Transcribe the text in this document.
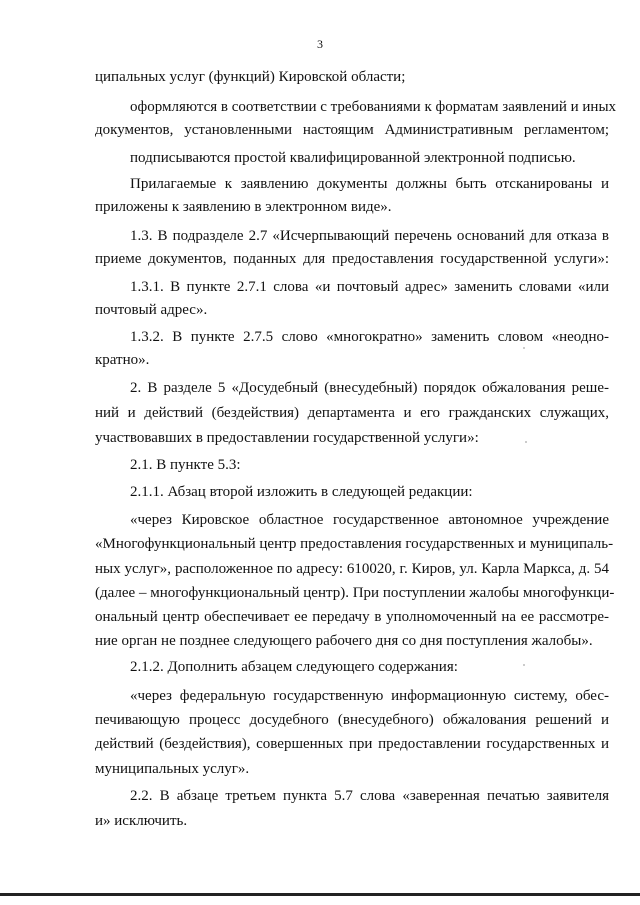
3
ципальных услуг (функций) Кировской области;
оформляются в соответствии с требованиями к форматам заявлений и иных
документов, установленными настоящим Административным регламентом;
подписываются простой квалифицированной электронной подписью.
Прилагаемые к заявлению документы должны быть отсканированы и
приложены к заявлению в электронном виде».
1.3. В подразделе 2.7 «Исчерпывающий перечень оснований для отказа в
приеме документов, поданных для предоставления государственной услуги»:
1.3.1. В пункте 2.7.1 слова «и почтовый адрес» заменить словами «или
почтовый адрес».
1.3.2. В пункте 2.7.5 слово «многократно» заменить словом «неодно-
кратно».
2. В разделе 5 «Досудебный (внесудебный) порядок обжалования реше-
ний и действий (бездействия) департамента и его гражданских служащих,
участвовавших в предоставлении государственной услуги»:
2.1. В пункте 5.3:
2.1.1. Абзац второй изложить в следующей редакции:
«через Кировское областное государственное автономное учреждение
«Многофункциональный центр предоставления государственных и муниципаль-
ных услуг», расположенное по адресу: 610020, г. Киров, ул. Карла Маркса, д. 54
(далее – многофункциональный центр). При поступлении жалобы многофункци-
ональный центр обеспечивает ее передачу в уполномоченный на ее рассмотре-
ние орган не позднее следующего рабочего дня со дня поступления жалобы».
2.1.2. Дополнить абзацем следующего содержания:
«через федеральную государственную информационную систему, обес-
печивающую процесс досудебного (внесудебного) обжалования решений и
действий (бездействия), совершенных при предоставлении государственных и
муниципальных услуг».
2.2. В абзаце третьем пункта 5.7 слова «заверенная печатью заявителя
и» исключить.
